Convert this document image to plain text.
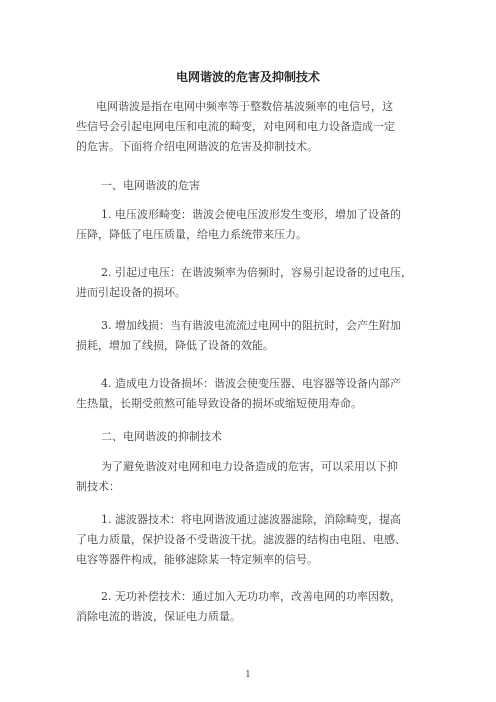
电网谐波的危害及抑制技术

电网谐波是指在电网中频率等于整数倍基波频率的电信号，这
些信号会引起电网电压和电流的畸变，对电网和电力设备造成一定
的危害。下面将介绍电网谐波的危害及抑制技术。

一、电网谐波的危害

1. 电压波形畸变：谐波会使电压波形发生变形，增加了设备的
压降，降低了电压质量，给电力系统带来压力。

2. 引起过电压：在谐波频率为倍频时，容易引起设备的过电压，
进而引起设备的损坏。

3. 增加线损：当有谐波电流流过电网中的阻抗时，会产生附加
损耗，增加了线损，降低了设备的效能。

4. 造成电力设备损坏：谐波会使变压器、电容器等设备内部产
生热量，长期受煎熬可能导致设备的损坏或缩短使用寿命。

二、电网谐波的抑制技术

为了避免谐波对电网和电力设备造成的危害，可以采用以下抑
制技术：

1. 滤波器技术：将电网谐波通过滤波器滤除，消除畸变，提高
了电力质量，保护设备不受谐波干扰。滤波器的结构由电阻、电感、
电容等器件构成，能够滤除某一特定频率的信号。

2. 无功补偿技术：通过加入无功功率，改善电网的功率因数，
消除电流的谐波，保证电力质量。

1
